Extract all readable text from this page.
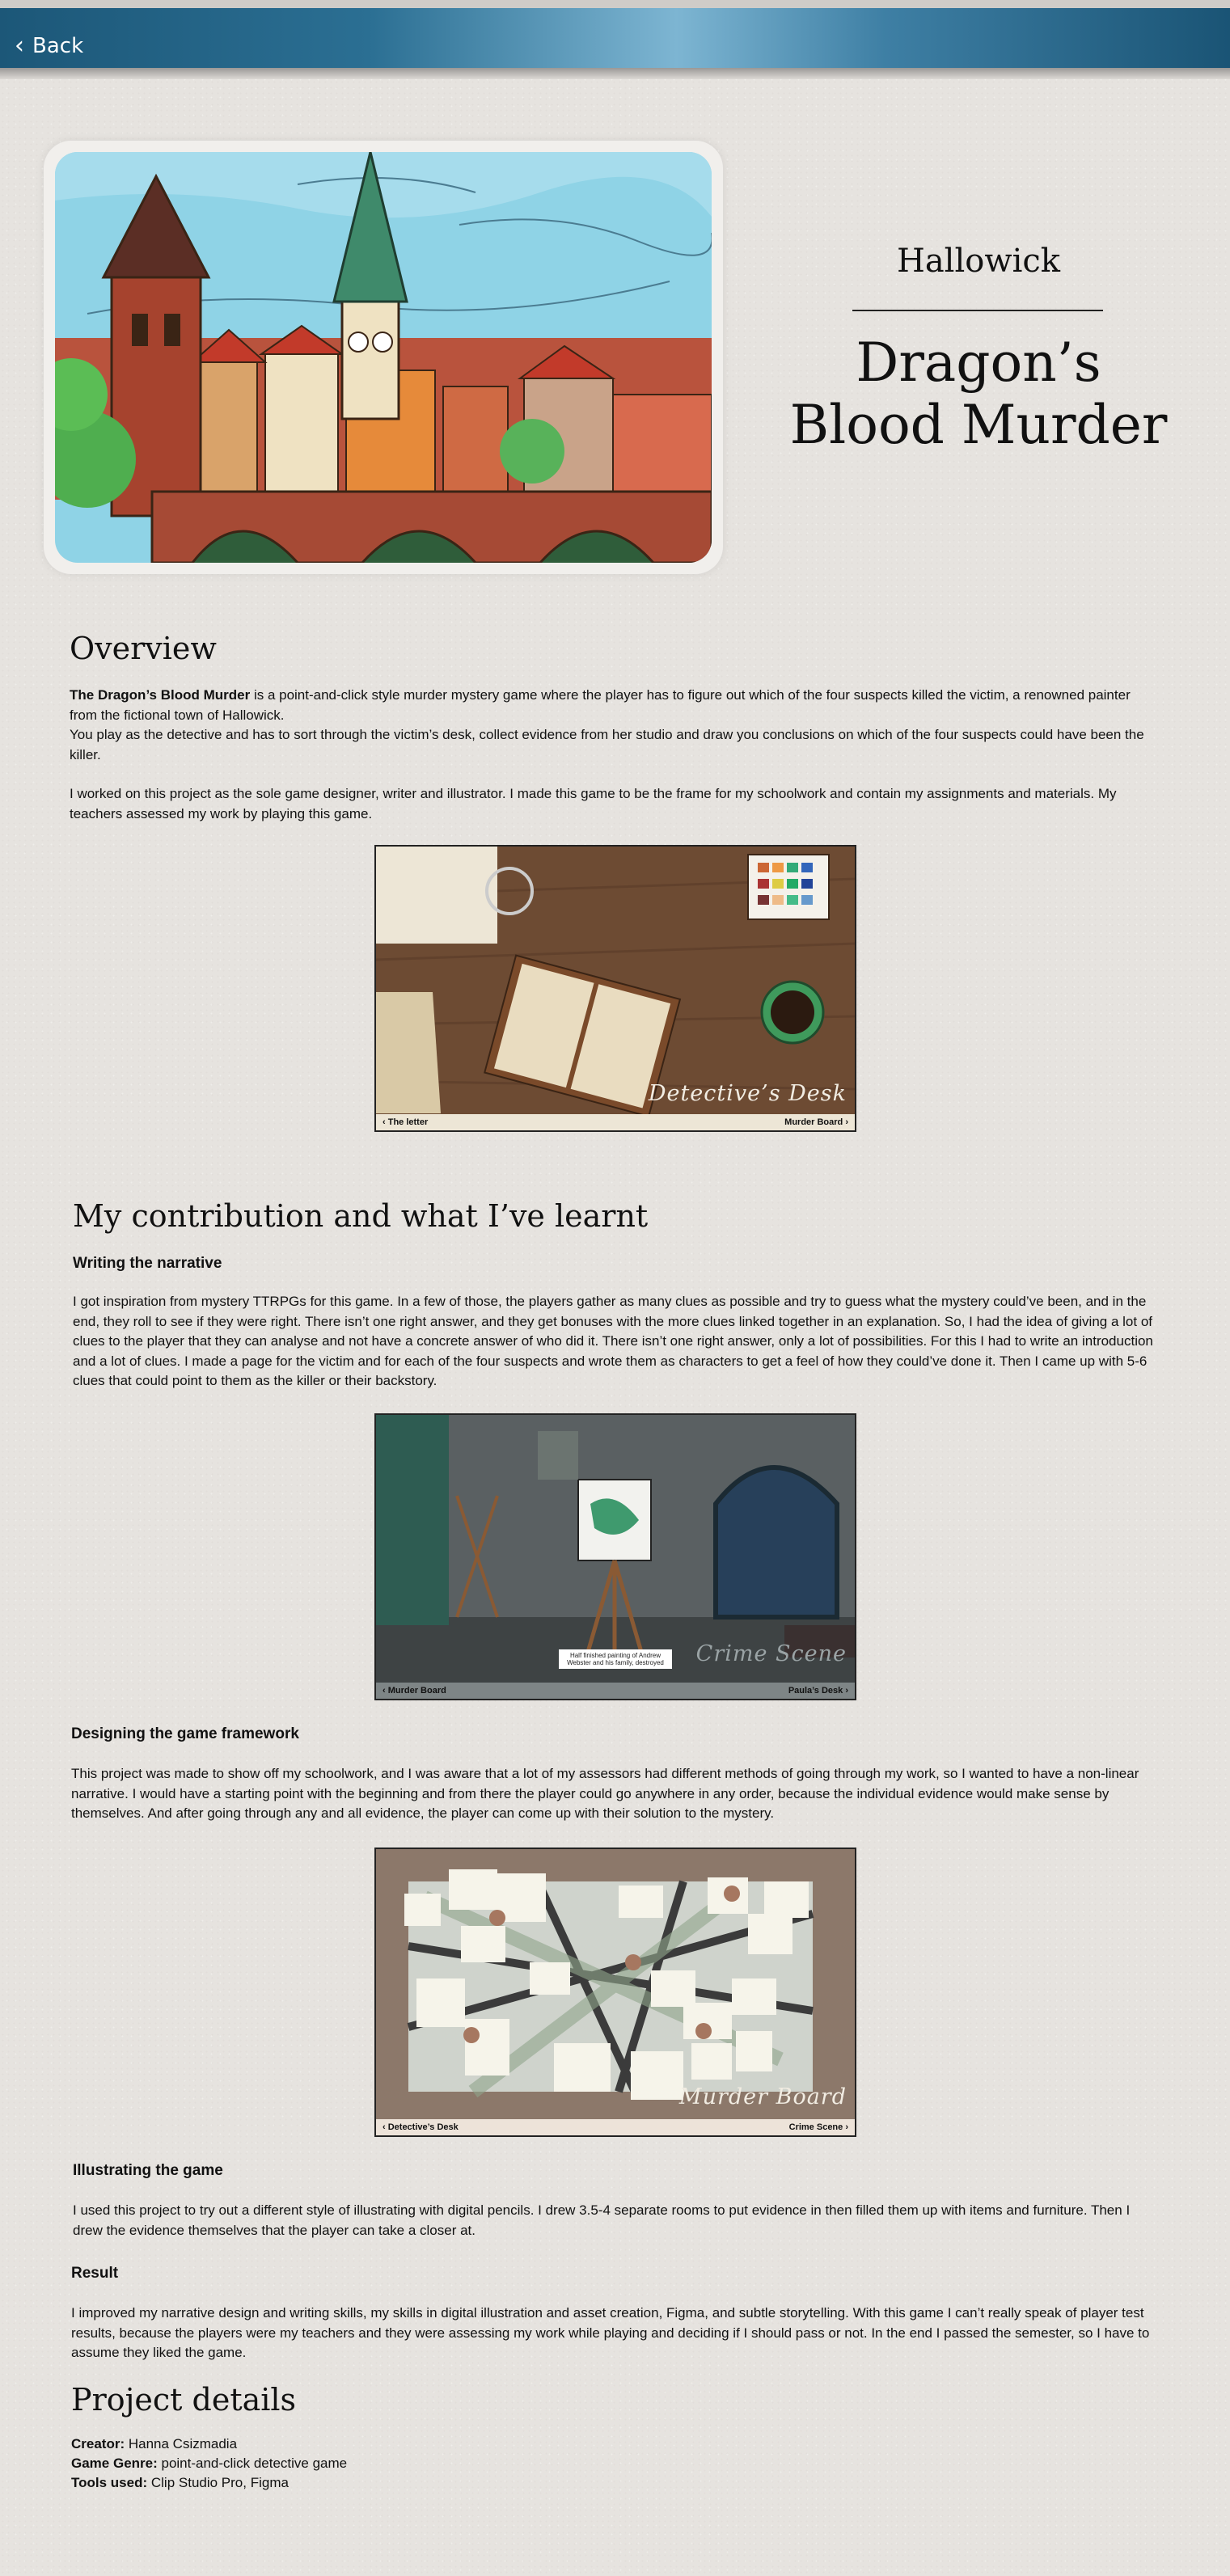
‹ Back
Hallowick
Dragon’s Blood Murder
Overview

The Dragon’s Blood Murder is a point-and-click style murder mystery game where the player has to figure out which of the four suspects killed the victim, a renowned painter from the fictional town of Hallowick.

You play as the detective and has to sort through the victim’s desk, collect evidence from her studio and draw you conclusions on which of the four suspects could have been the killer.

I worked on this project as the sole game designer, writer and illustrator. I made this game to be the frame for my schoolwork and contain my assignments and materials. My teachers assessed my work by playing this game.

Detective’s Desk
‹ The letter	Murder Board ›
My contribution and what I’ve learnt
Writing the narrative
I got inspiration from mystery TTRPGs for this game. In a few of those, the players gather as many clues as possible and try to guess what the mystery could’ve been, and in the end, they roll to see if they were right. There isn’t one right answer, and they get bonuses with the more clues linked together in an explanation. So, I had the idea of giving a lot of clues to the player that they can analyse and not have a concrete answer of who did it. There isn’t one right answer, only a lot of possibilities. For this I had to write an introduction and a lot of clues. I made a page for the victim and for each of the four suspects and wrote them as characters to get a feel of how they could’ve done it. Then I came up with 5-6 clues that could point to them as the killer or their backstory.
Half finished painting of Andrew Webster and his family, destroyed	Crime Scene
‹ Murder Board	Paula’s Desk ›
Designing the game framework
This project was made to show off my schoolwork, and I was aware that a lot of my assessors had different methods of going through my work, so I wanted to have a non-linear narrative. I would have a starting point with the beginning and from there the player could go anywhere in any order, because the individual evidence would make sense by themselves. And after going through any and all evidence, the player can come up with their solution to the mystery.
Murder Board
‹ Detective’s Desk	Crime Scene ›
Illustrating the game
I used this project to try out a different style of illustrating with digital pencils. I drew 3.5-4 separate rooms to put evidence in then filled them up with items and furniture. Then I drew the evidence themselves that the player can take a closer at.
Result
I improved my narrative design and writing skills, my skills in digital illustration and asset creation, Figma, and subtle storytelling. With this game I can’t really speak of player test results, because the players were my teachers and they were assessing my work while playing and deciding if I should pass or not. In the end I passed the semester, so I have to assume they liked the game.
Project details
Creator: Hanna Csizmadia
Game Genre: point-and-click detective game
Tools used: Clip Studio Pro, Figma
